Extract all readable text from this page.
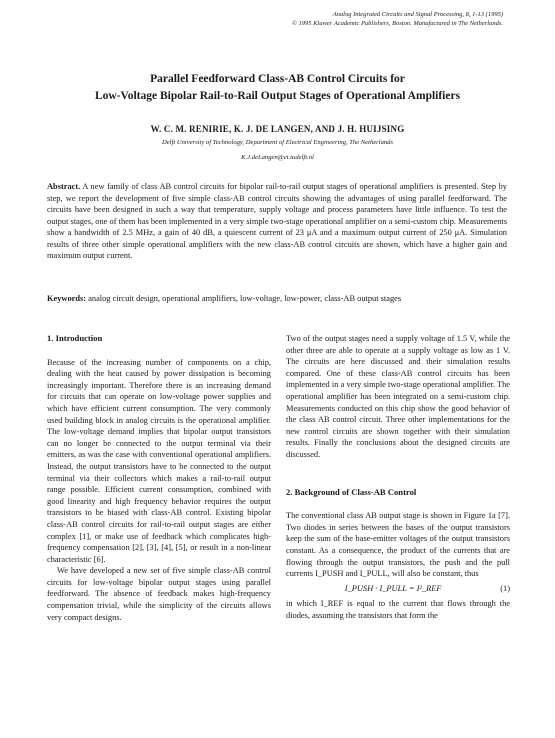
Analog Integrated Circuits and Signal Processing, 8, 1-13 (1995)
© 1995 Kluwer Academic Publishers, Boston. Manufactured in The Netherlands.
Parallel Feedforward Class-AB Control Circuits for
Low-Voltage Bipolar Rail-to-Rail Output Stages of Operational Amplifiers
W. C. M. RENIRIE, K. J. DE LANGEN, AND J. H. HUIJSING
Delft University of Technology, Department of Electrical Engineering, The Netherlands
K.J.deLangen@et.tudelft.nl

Abstract. A new family of class AB control circuits for bipolar rail-to-rail output stages of operational amplifiers is presented. Step by step, we report the development of five simple class-AB control circuits showing the advantages of using parallel feedforward. The circuits have been designed in such a way that temperature, supply voltage and process parameters have little influence. To test the output stages, one of them has been implemented in a very simple two-stage operational amplifier on a semi-custom chip. Measurements show a bandwidth of 2.5 MHz, a gain of 40 dB, a quiescent current of 23 μA and a maximum output current of 250 μA. Simulation results of three other simple operational amplifiers with the new class-AB control circuits are shown, which have a higher gain and maximum output current.

Keywords: analog circuit design, operational amplifiers, low-voltage, low-power, class-AB output stages

1. Introduction

Because of the increasing number of components on a chip, dealing with the heat caused by power dissipation is becoming increasingly important. Therefore there is an increasing demand for circuits that can operate on low-voltage power supplies and which have efficient current consumption. The very commonly used building block in analog circuits is the operational amplifier. The low-voltage demand implies that bipolar output transistors can no longer be connected to the output terminal via their emitters, as was the case with conventional operational amplifiers. Instead, the output transistors have to be connected to the output terminal via their collectors which makes a rail-to-rail output range possible. Efficient current consumption, combined with good linearity and high frequency behavior requires the output transistors to be biased with class-AB control. Existing bipolar class-AB control circuits for rail-to-rail output stages are either complex [1], or make use of feedback which complicates high-frequency compensation [2], [3], [4], [5], or result in a non-linear characteristic [6].

We have developed a new set of five simple class-AB control circuits for low-voltage bipolar output stages using parallel feedforward. The absence of feedback makes high-frequency compensation trivial, while the simplicity of the circuits allows very compact designs.

Two of the output stages need a supply voltage of 1.5 V, while the other three are able to operate at a supply voltage as low as 1 V. The circuits are here discussed and their simulation results compared. One of these class-AB control circuits has been implemented in a very simple two-stage operational amplifier. The operational amplifier has been integrated on a semi-custom chip. Measurements conducted on this chip show the good behavior of the class AB control circuit. Three other implementations for the new control circuits are shown together with their simulation results. Finally the conclusions about the designed circuits are discussed.

2. Background of Class-AB Control

The conventional class AB output stage is shown in Figure 1a [7]. Two diodes in series between the bases of the output transistors keep the sum of the base-emitter voltages of the output transistors constant. As a consequence, the product of the currents that are flowing through the output transistors, the push and the pull currents I_PUSH and I_PULL, will also be constant, thus

I_PUSH · I_PULL = I²_REF	(1)

in which I_REF is equal to the current that flows through the diodes, assuming the transistors that form the
